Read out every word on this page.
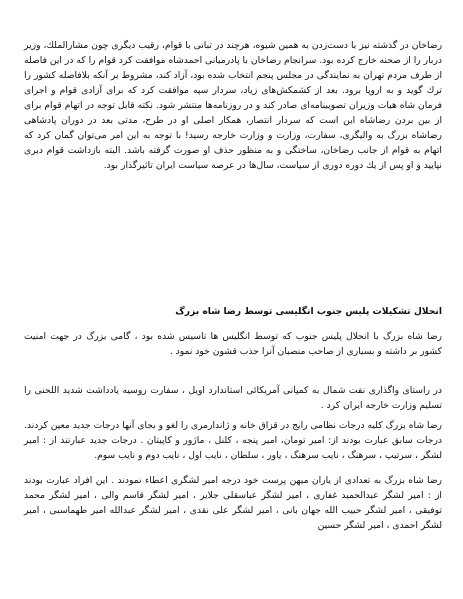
رضاخان در گذشته نیز با دست‌زدن به همین شیوه، هرچند در تبانی با قوام، رقیب دیگری چون مشارالملك، وزیر دربار را از صحنه خارج کرده بود. سرانجام رضاخان با پادرمیانی احمدشاه موافقت کرد قوام را که در این فاصله از طرف مردم تهران به نمایندگی در مجلس پنجم انتخاب شده بود، آزاد کند، مشروط بر آنکه بلافاصله کشور را ترك گوید و به اروپا برود. بعد از کشمکش‌های زیاد، سردار سپه موافقت کرد که برای آزادی قوام و اجرای فرمان شاه هیات وزیران تصویبنامه‌ای صادر کند و در روزنامه‌ها منتشر شود. نکته قابل توجه در اتهام قوام برای از بین بردن رضاشاه این است که سردار انتصار، همکار اصلی او در طرح، مدتی بعد در دوران پادشاهی رضاشاه بزرگ به والیگری، سفارت، وزارت و وزارت خارجه رسید! با توجه به این امر می‌توان گمان کرد که اتهام به قوام از جانب رضاخان، ساختگی و به منظور حذف او صورت گرفته باشد. البته بازداشت قوام دیری نپایید و او پس از یك دوره دوری از سیاست، سال‌ها در عرصه سیاست ایران تاثیرگذار بود.
انحلال تشکیلات پلیس جنوب انگلیسی توسط رضا شاه بزرگ
رضا شاه بزرگ با انحلال پلیس جنوب که توسط انگلیس ها تاسیس شده بود ، گامی بزرگ در جهت امنیت کشور بر داشته و بسیاری از صاحب منصبان آنرا جذب قشون خود نمود .
در راستای واگذاری نفت شمال به کمپانی آمریکائی استاندارد اویل ، سفارت روسیه یادداشت شدید اللحنی را تسلیم وزارت خارجه ایران کرد .
رضا شاه بزرگ کلیه درجات نظامی رایج در قزاق خانه و ژاندارمری را لغو و بجای آنها درجات جدید معین کردند. درجات سابق عبارت بودند از: امیر تومان، امیر پنجه ، کلنل ، ماژور و کاپیتان . درجات جدید عبارتند از : امیر لشگر ، سرتیپ ، سرهنگ ، نایب سرهنگ ، یاور ، سلطان ، نایب اول ، نایب دوم و نایب سوم.
رضا شاه بزرگ به تعدادی از یاران میهن پرست خود درجه امیر لشگری اعطاء نمودند . این افراد عبارت بودند از : امیر لشگر عبدالحمید غفاری ، امیر لشگر عباسقلی جلایر ، امیر لشگر قاسم والی ، امیر لشگر محمد توفیقی ، امیر لشگر حبیب الله جهان بانی ، امیر لشگر علی نقدی ، امیر لشگر عبدالله امیر طهماسبی ، امیر لشگر احمدی ، امیر لشگر حسین
